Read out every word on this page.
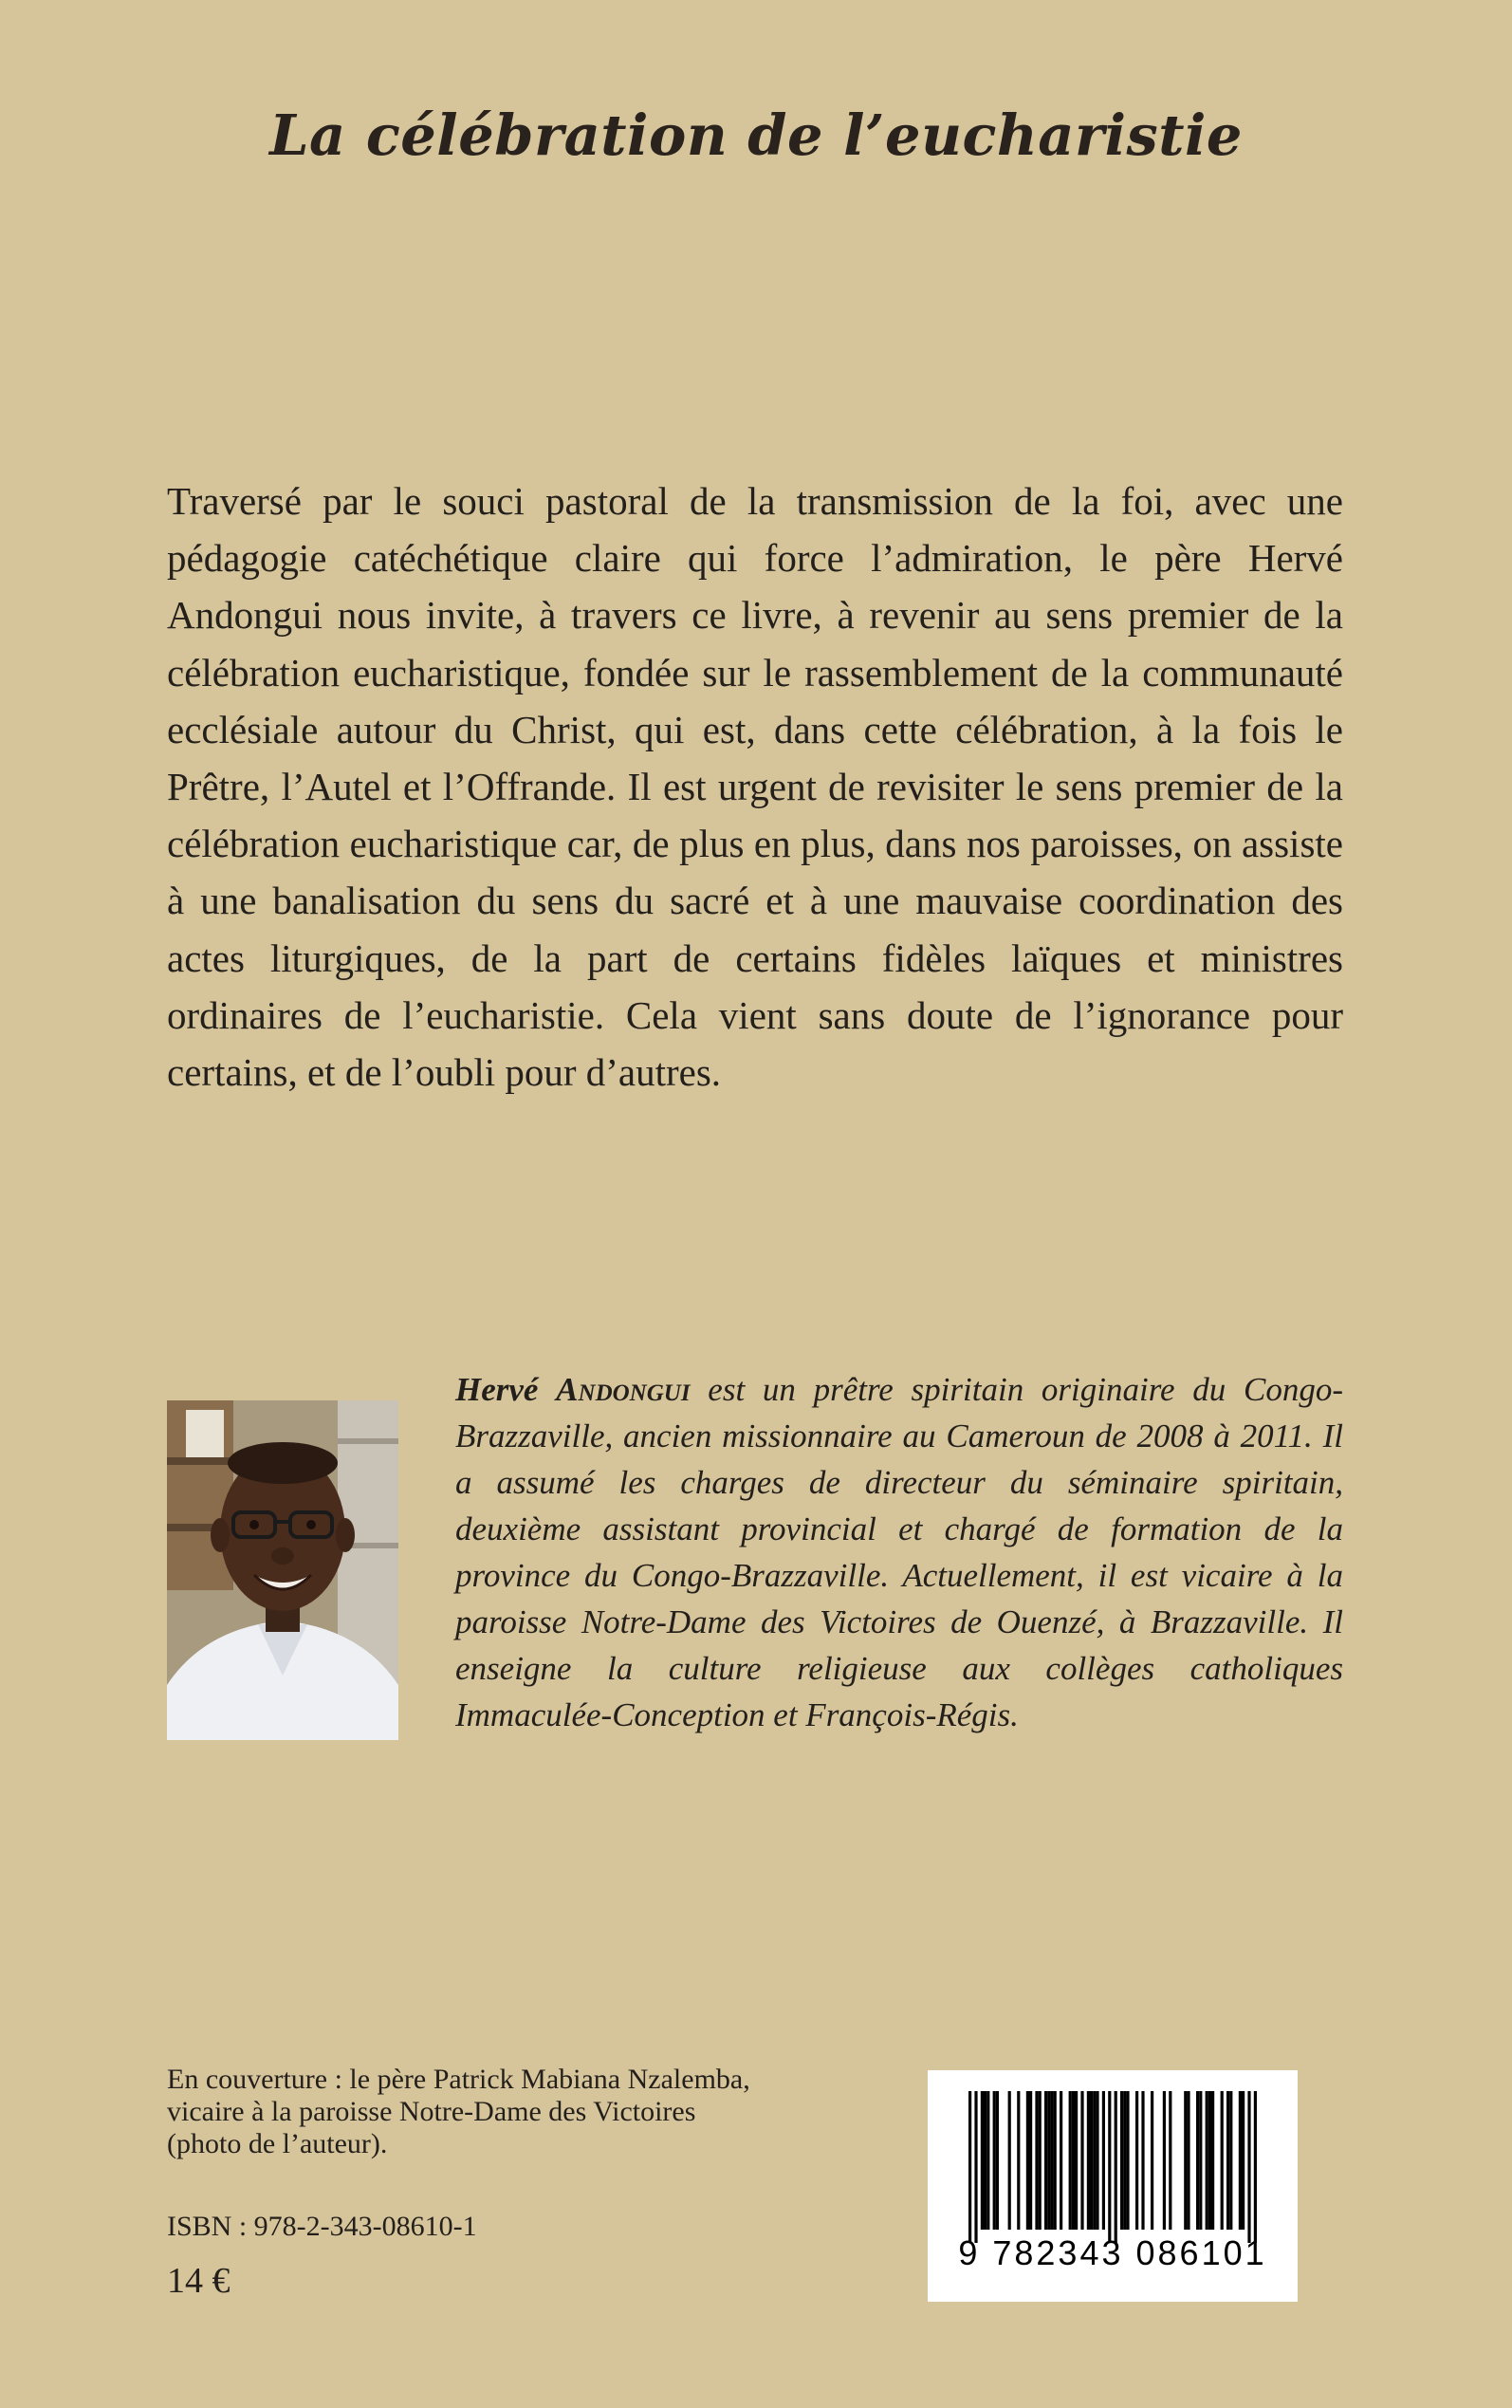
La célébration de l’eucharistie

Traversé par le souci pastoral de la transmission de la foi, avec une pédagogie catéchétique claire qui force l’admiration, le père Hervé Andongui nous invite, à travers ce livre, à revenir au sens premier de la célébration eucharistique, fondée sur le rassemblement de la communauté ecclésiale autour du Christ, qui est, dans cette célébration, à la fois le Prêtre, l’Autel et l’Offrande. Il est urgent de revisiter le sens premier de la célébration eucharistique car, de plus en plus, dans nos paroisses, on assiste à une banalisation du sens du sacré et à une mauvaise coordination des actes liturgiques, de la part de certains fidèles laïques et ministres ordinaires de l’eucharistie. Cela vient sans doute de l’ignorance pour certains, et de l’oubli pour d’autres.

Hervé Andongui est un prêtre spiritain originaire du Congo-Brazzaville, ancien missionnaire au Cameroun de 2008 à 2011. Il a assumé les charges de directeur du séminaire spiritain, deuxième assistant provincial et chargé de formation de la province du Congo-Brazzaville. Actuellement, il est vicaire à la paroisse Notre-Dame des Victoires de Ouenzé, à Brazzaville. Il enseigne la culture religieuse aux collèges catholiques Immaculée-Conception et François-Régis.

En couverture : le père Patrick Mabiana Nzalemba,
vicaire à la paroisse Notre-Dame des Victoires
(photo de l’auteur).

ISBN : 978-2-343-08610-1

14 €

9 782343 086101
